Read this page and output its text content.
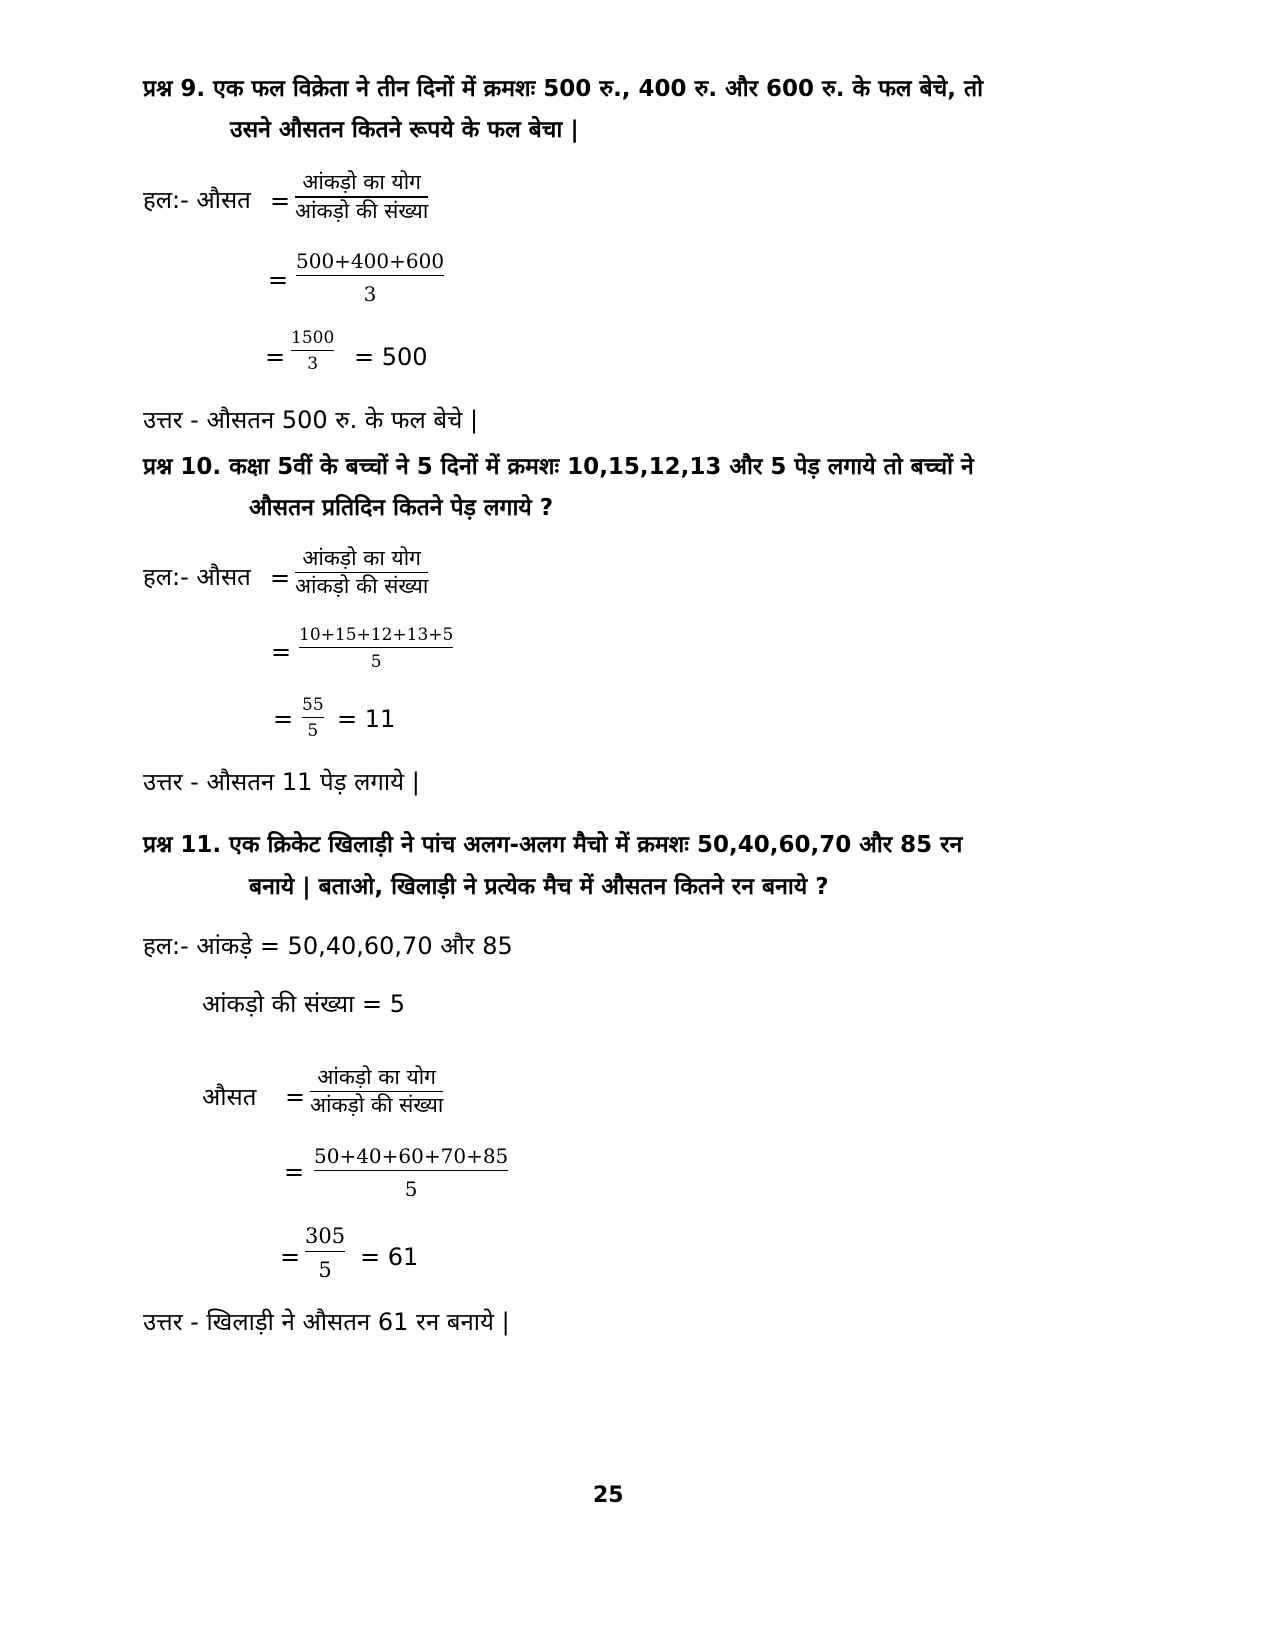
प्रश्न 9. एक फल विक्रेता ने तीन दिनों में क्रमशः 500 रु., 400 रु. और 600 रु. के फल बेचे, तो
उसने औसतन कितने रूपये के फल बेचा |
हल:- औसत =
आंकड़ो का योग
आंकड़ो की संख्या
=
500+400+600
3
=
1500
3 = 500
उत्तर - औसतन 500 रु. के फल बेचे |
प्रश्न 10. कक्षा 5वीं के बच्चों ने 5 दिनों में क्रमशः 10,15,12,13 और 5 पेड़ लगाये तो बच्चों ने
औसतन प्रतिदिन कितने पेड़ लगाये ?
हल:- औसत =
आंकड़ो का योग
आंकड़ो की संख्या
=
10+15+12+13+5
5
= 55
5 = 11
उत्तर - औसतन 11 पेड़ लगाये |
प्रश्न 11. एक क्रिकेट खिलाड़ी ने पांच अलग-अलग मैचो में क्रमशः 50,40,60,70 और 85 रन
बनाये | बताओ, खिलाड़ी ने प्रत्येक मैच में औसतन कितने रन बनाये ?
हल:- आंकड़े = 50,40,60,70 और 85
आंकड़ो की संख्या = 5
औसत =
आंकड़ो का योग
आंकड़ो की संख्या
=
50+40+60+70+85
5
=
305
5 = 61
उत्तर - खिलाड़ी ने औसतन 61 रन बनाये |
25
